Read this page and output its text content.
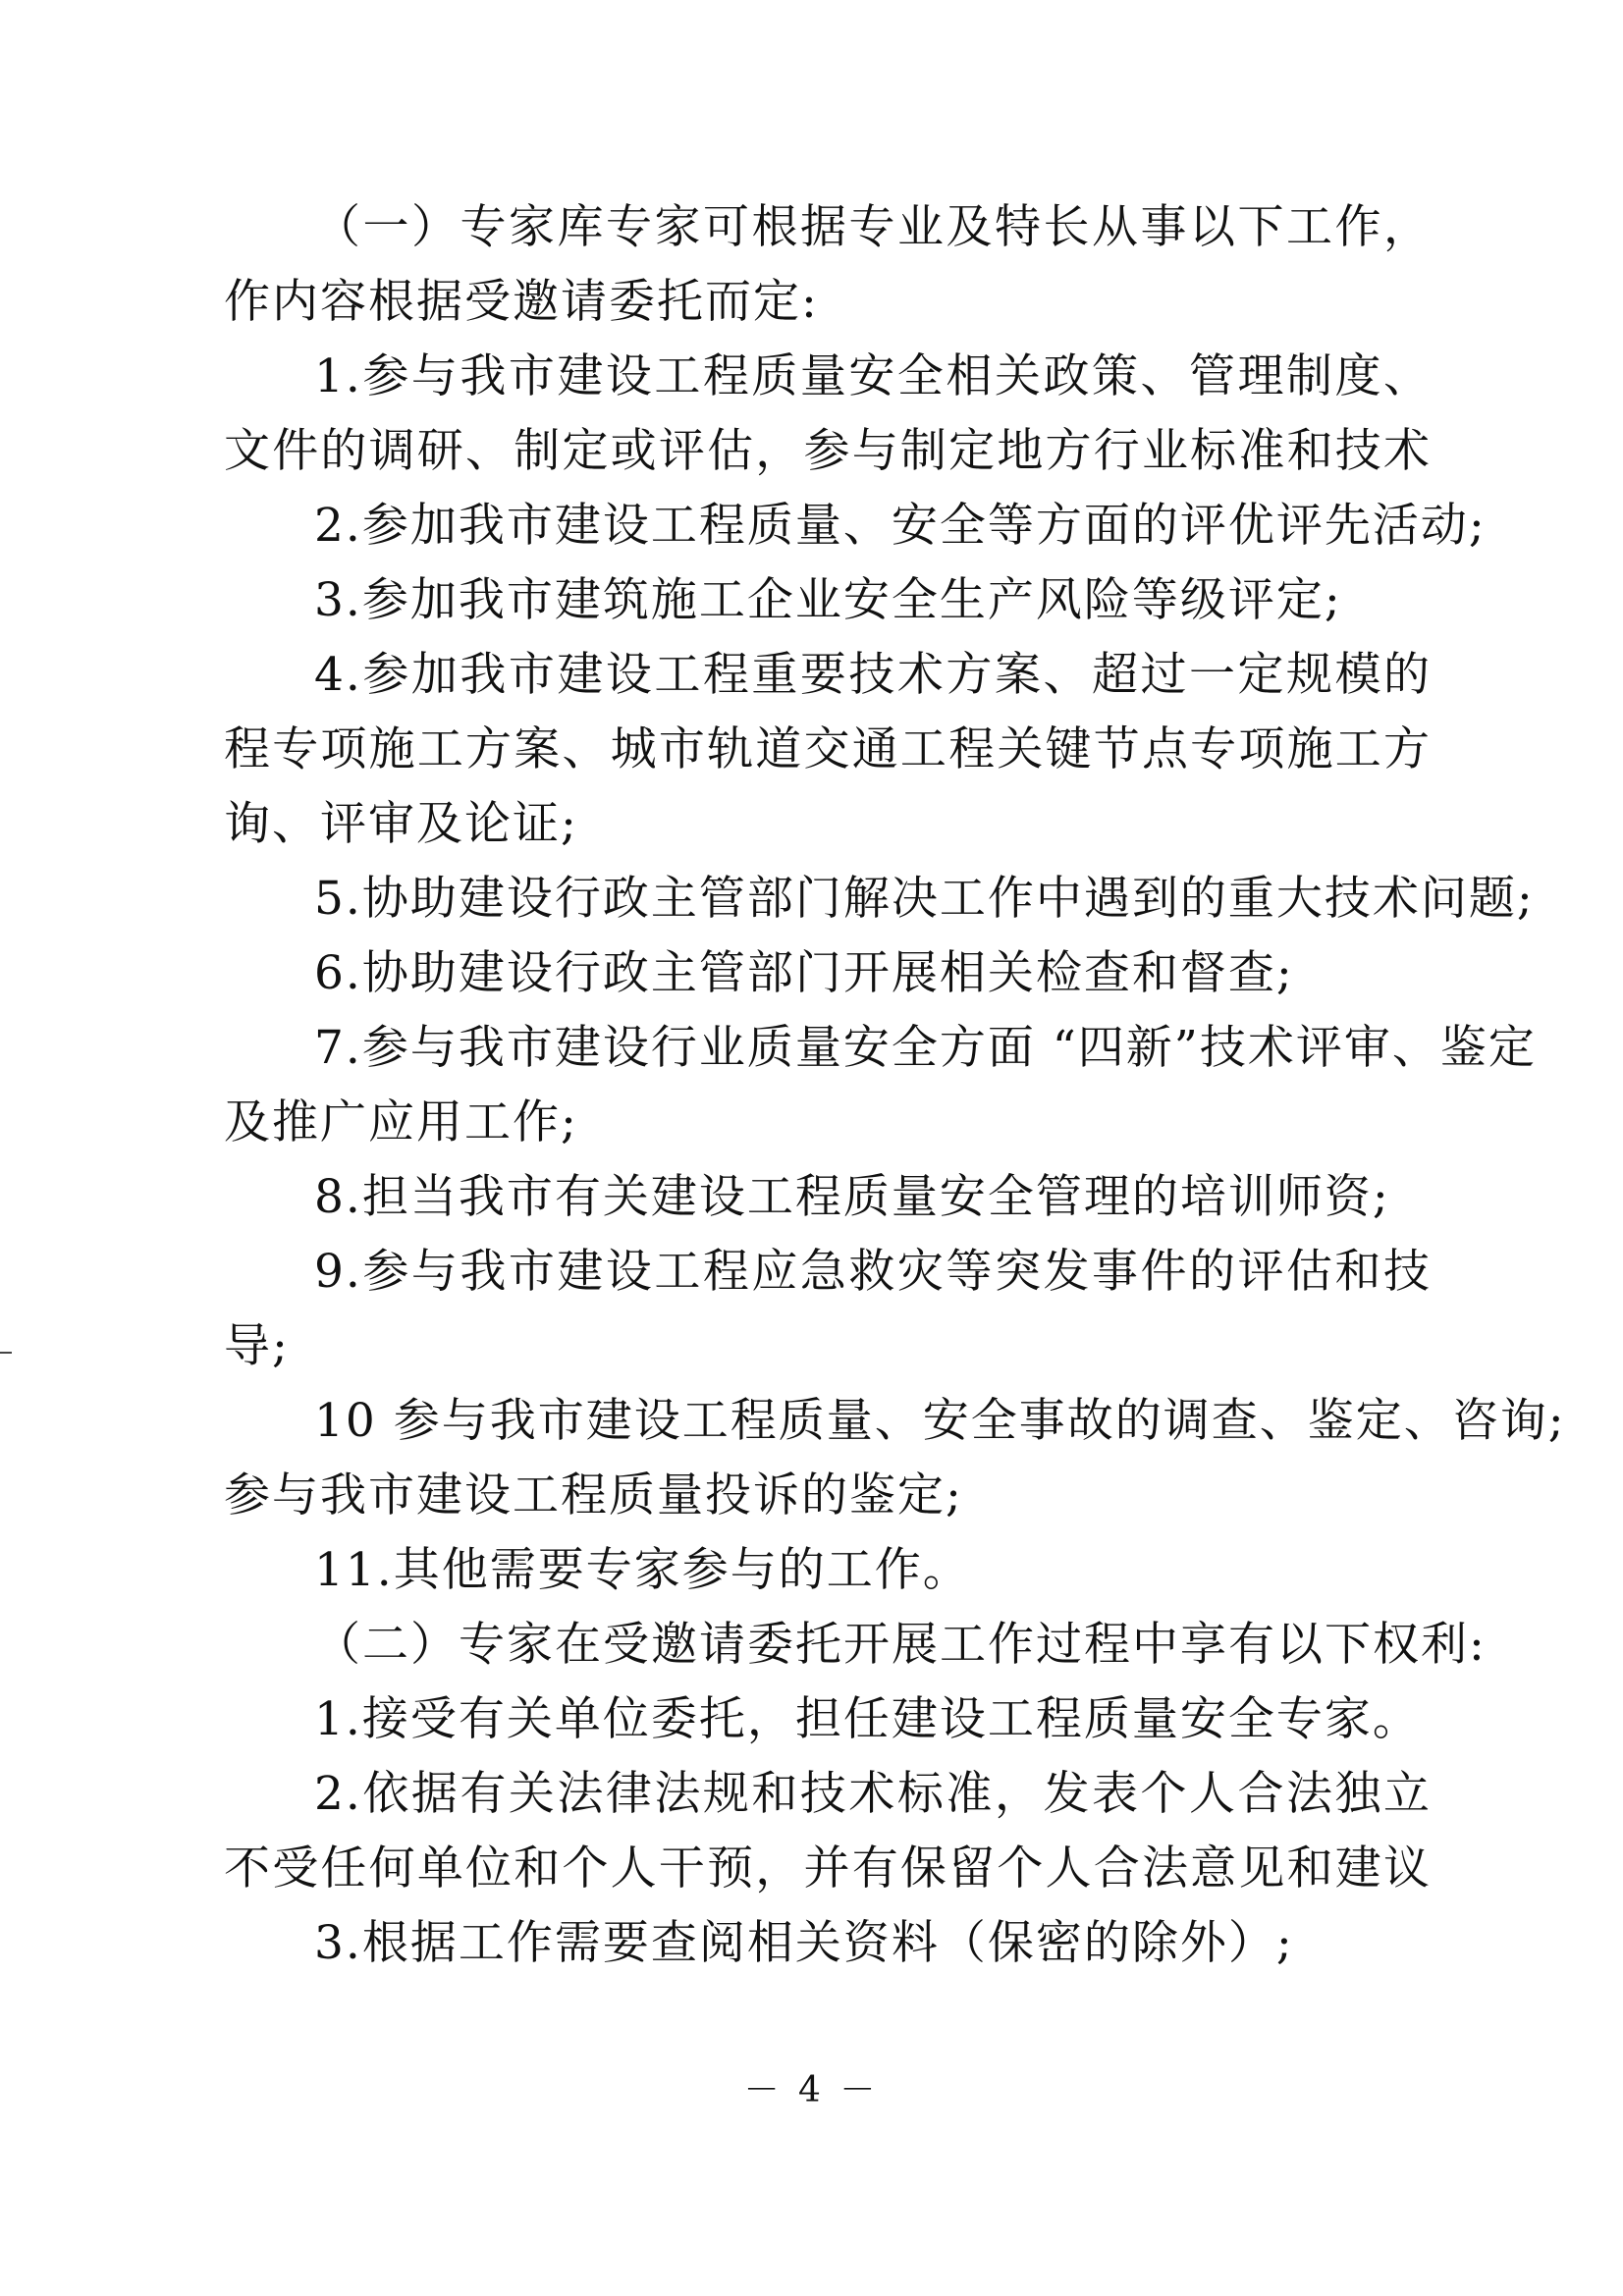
（一）专家库专家可根据专业及特长从事以下工作，
作内容根据受邀请委托而定:
1.参与我市建设工程质量安全相关政策、管理制度、
文件的调研、制定或评估，参与制定地方行业标准和技术
2.参加我市建设工程质量、安全等方面的评优评先活动;
3.参加我市建筑施工企业安全生产风险等级评定;
4.参加我市建设工程重要技术方案、超过一定规模的
程专项施工方案、城市轨道交通工程关键节点专项施工方
询、评审及论证;
5.协助建设行政主管部门解决工作中遇到的重大技术问题;
6.协助建设行政主管部门开展相关检查和督查;
7.参与我市建设行业质量安全方面 “四新”技术评审、鉴定
及推广应用工作;
8.担当我市有关建设工程质量安全管理的培训师资;
9.参与我市建设工程应急救灾等突发事件的评估和技
导;
10 参与我市建设工程质量、安全事故的调查、鉴定、咨询;
参与我市建设工程质量投诉的鉴定;
11.其他需要专家参与的工作。
（二）专家在受邀请委托开展工作过程中享有以下权利:
1.接受有关单位委托，担任建设工程质量安全专家。
2.依据有关法律法规和技术标准，发表个人合法独立
不受任何单位和个人干预，并有保留个人合法意见和建议
3.根据工作需要查阅相关资料（保密的除外）;
－ 4 －
